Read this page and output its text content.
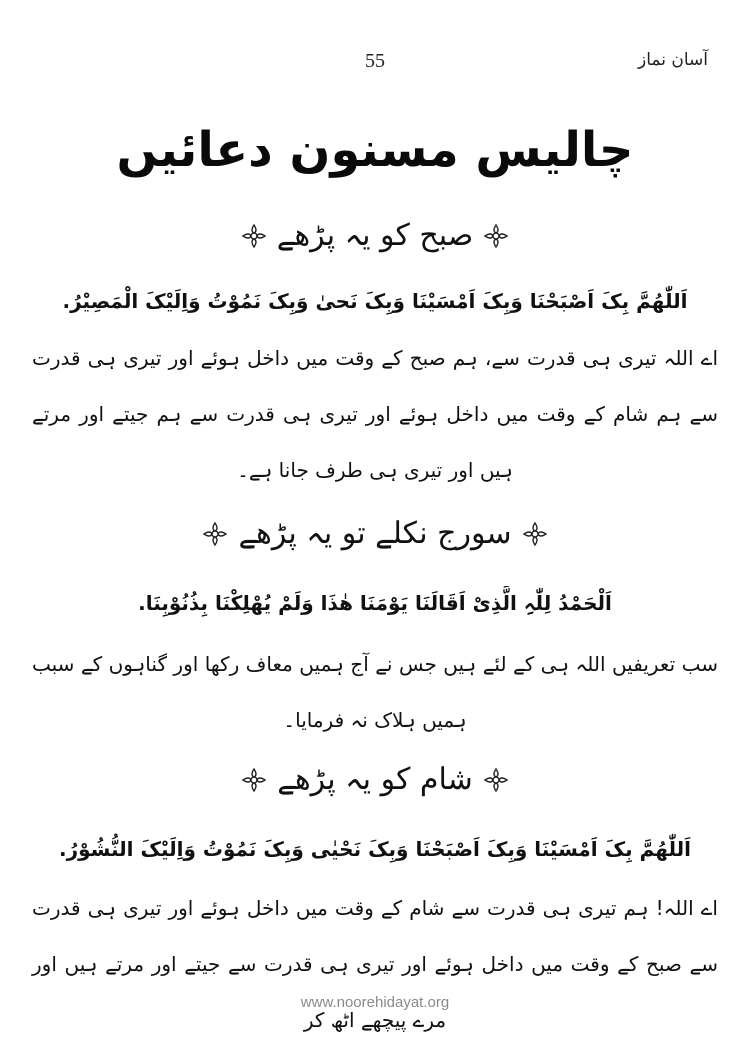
55	آسان نماز
چالیس مسنون دعائیں
صبح کو یہ پڑھے
اَللّٰھُمَّ بِکَ اَصْبَحْنَا وَبِکَ اَمْسَیْنَا وَبِکَ نَحیٰ وَبِکَ نَمُوْتُ وَاِلَیْکَ الْمَصِیْرُ.
اے اللہ تیری ہی قدرت سے، ہم صبح کے وقت میں داخل ہوئے اور تیری ہی قدرت سے ہم شام کے وقت میں داخل ہوئے اور تیری ہی قدرت سے ہم جیتے اور مرتے ہیں اور تیری ہی طرف جانا ہے۔
سورج نکلے تو یہ پڑھے
اَلْحَمْدُ لِلّٰہِ الَّذِیْ اَقَالَنَا یَوْمَنَا ھٰذَا وَلَمْ یُھْلِکْنَا بِذُنُوْبِنَا.
سب تعریفیں اللہ ہی کے لئے ہیں جس نے آج ہمیں معاف رکھا اور گناہوں کے سبب ہمیں ہلاک نہ فرمایا۔
شام کو یہ پڑھے
اَللّٰھُمَّ بِکَ اَمْسَیْنَا وَبِکَ اَصْبَحْنَا وَبِکَ نَحْیٰی وَبِکَ نَمُوْتُ وَاِلَیْکَ النُّشُوْرُ.
اے اللہ! ہم تیری ہی قدرت سے شام کے وقت میں داخل ہوئے اور تیری ہی قدرت سے صبح کے وقت میں داخل ہوئے اور تیری ہی قدرت سے جیتے اور مرتے ہیں اور مرے پیچھے اٹھ کر
www.noorehidayat.org
